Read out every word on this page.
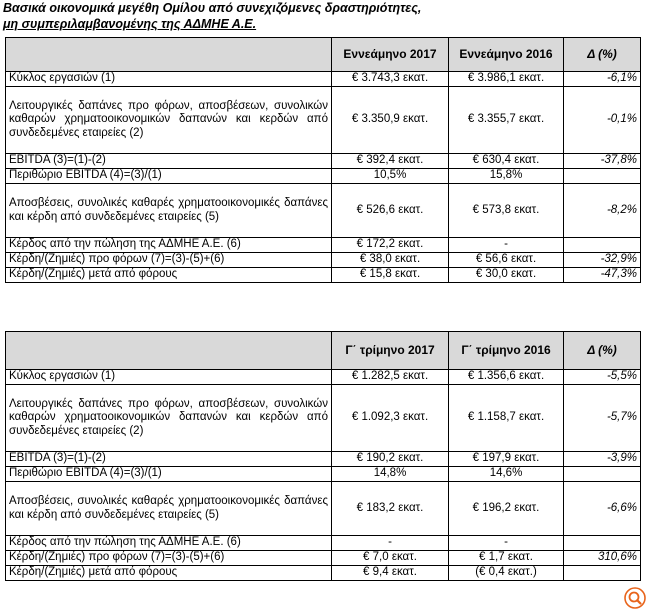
Βασικά οικονομικά μεγέθη Ομίλου από συνεχιζόμενες δραστηριότητες,
μη συμπεριλαμβανομένης της ΑΔΜΗΕ Α.Ε.
	Εννεάμηνο 2017	Εννεάμηνο 2016	Δ (%)
Κύκλος εργασιών (1)	€ 3.743,3 εκατ.	€ 3.986,1 εκατ.	-6,1%
Λειτουργικές δαπάνες προ φόρων, αποσβέσεων, συνολικών καθαρών χρηματοοικονομικών δαπανών και κερδών από συνδεδεμένες εταιρείες (2)	€ 3.350,9 εκατ.	€ 3.355,7 εκατ.	-0,1%
EBITDA (3)=(1)-(2)	€ 392,4 εκατ.	€ 630,4 εκατ.	-37,8%
Περιθώριο EBITDA (4)=(3)/(1)	10,5%	15,8%	
Αποσβέσεις, συνολικές καθαρές χρηματοοικονομικές δαπάνες και κέρδη από συνδεδεμένες εταιρείες (5)	€ 526,6 εκατ.	€ 573,8 εκατ.	-8,2%
Κέρδος από την πώληση της ΑΔΜΗΕ Α.Ε. (6)	€ 172,2 εκατ.	-	
Κέρδη/(Ζημιές) προ φόρων (7)=(3)-(5)+(6)	€ 38,0 εκατ.	€ 56,6 εκατ.	-32,9%
Κέρδη/(Ζημιές) μετά από φόρους	€ 15,8 εκατ.	€ 30,0 εκατ.	-47,3%
	Γ΄ τρίμηνο 2017	Γ΄ τρίμηνο 2016	Δ (%)
Κύκλος εργασιών (1)	€ 1.282,5 εκατ.	€ 1.356,6 εκατ.	-5,5%
Λειτουργικές δαπάνες προ φόρων, αποσβέσεων, συνολικών καθαρών χρηματοοικονομικών δαπανών και κερδών από συνδεδεμένες εταιρείες (2)	€ 1.092,3 εκατ.	€ 1.158,7 εκατ.	-5,7%
EBITDA (3)=(1)-(2)	€ 190,2 εκατ.	€ 197,9 εκατ.	-3,9%
Περιθώριο EBITDA (4)=(3)/(1)	14,8%	14,6%	
Αποσβέσεις, συνολικές καθαρές χρηματοοικονομικές δαπάνες και κέρδη από συνδεδεμένες εταιρείες (5)	€ 183,2 εκατ.	€ 196,2 εκατ.	-6,6%
Κέρδος από την πώληση της ΑΔΜΗΕ Α.Ε. (6)	-	-	
Κέρδη/(Ζημιές) προ φόρων (7)=(3)-(5)+(6)	€ 7,0 εκατ.	€ 1,7 εκατ.	310,6%
Κέρδη/(Ζημιές) μετά από φόρους	€ 9,4 εκατ.	(€ 0,4 εκατ.)	
